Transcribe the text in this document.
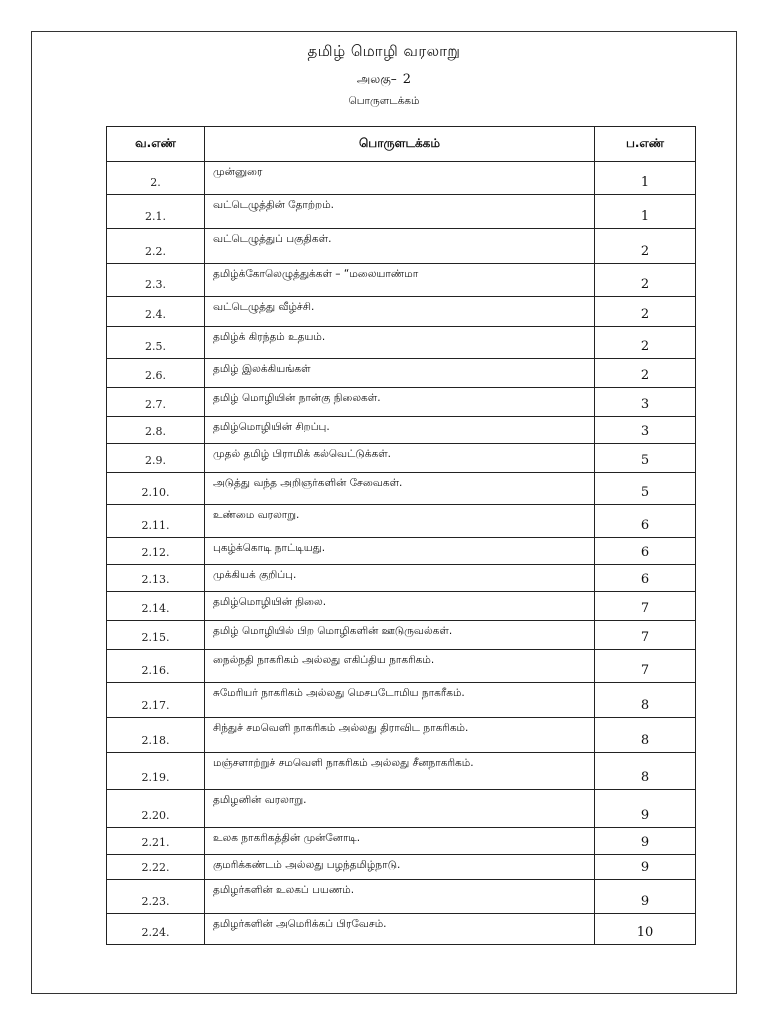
தமிழ் மொழி வரலாறு
அலகு– 2
பொருளடக்கம்
வ.எண்	பொருளடக்கம்	ப.எண்
2.	முன்னுரை	1
2.1.	வட்டெழுத்தின் தோற்றம்.	1
2.2.	வட்டெழுத்துப் பகுதிகள்.	2
2.3.	தமிழ்க்கோலெழுத்துக்கள் – “மலையாண்மா	2
2.4.	வட்டெழுத்து வீழ்ச்சி.	2
2.5.	தமிழ்க் கிரந்தம் உதயம்.	2
2.6.	தமிழ் இலக்கியங்கள்	2
2.7.	தமிழ் மொழியின் நான்கு நிலைகள்.	3
2.8.	தமிழ்மொழியின் சிறப்பு.	3
2.9.	முதல் தமிழ் பிராமிக் கல்வெட்டுக்கள்.	5
2.10.	அடுத்து வந்த அறிஞர்களின் சேவைகள்.	5
2.11.	உண்மை வரலாறு.	6
2.12.	புகழ்க்கொடி நாட்டியது.	6
2.13.	முக்கியக் குறிப்பு.	6
2.14.	தமிழ்மொழியின் நிலை.	7
2.15.	தமிழ் மொழியில் பிற மொழிகளின் ஊடுருவல்கள்.	7
2.16.	நைல்நதி நாகரிகம் அல்லது எகிப்திய நாகரிகம்.	7
2.17.	சுமேரியர் நாகரிகம் அல்லது மெசபடோமிய நாகரீகம்.	8
2.18.	சிந்துச் சமவெளி நாகரிகம் அல்லது திராவிட நாகரிகம்.	8
2.19.	மஞ்சளாற்றுச் சமவெளி நாகரிகம் அல்லது சீனநாகரிகம்.	8
2.20.	தமிழனின் வரலாறு.	9
2.21.	உலக நாகரிகத்தின் முன்னோடி.	9
2.22.	குமரிக்கண்டம் அல்லது பழந்தமிழ்நாடு.	9
2.23.	தமிழர்களின் உலகப் பயணம்.	9
2.24.	தமிழர்களின் அமெரிக்கப் பிரவேசம்.	10
